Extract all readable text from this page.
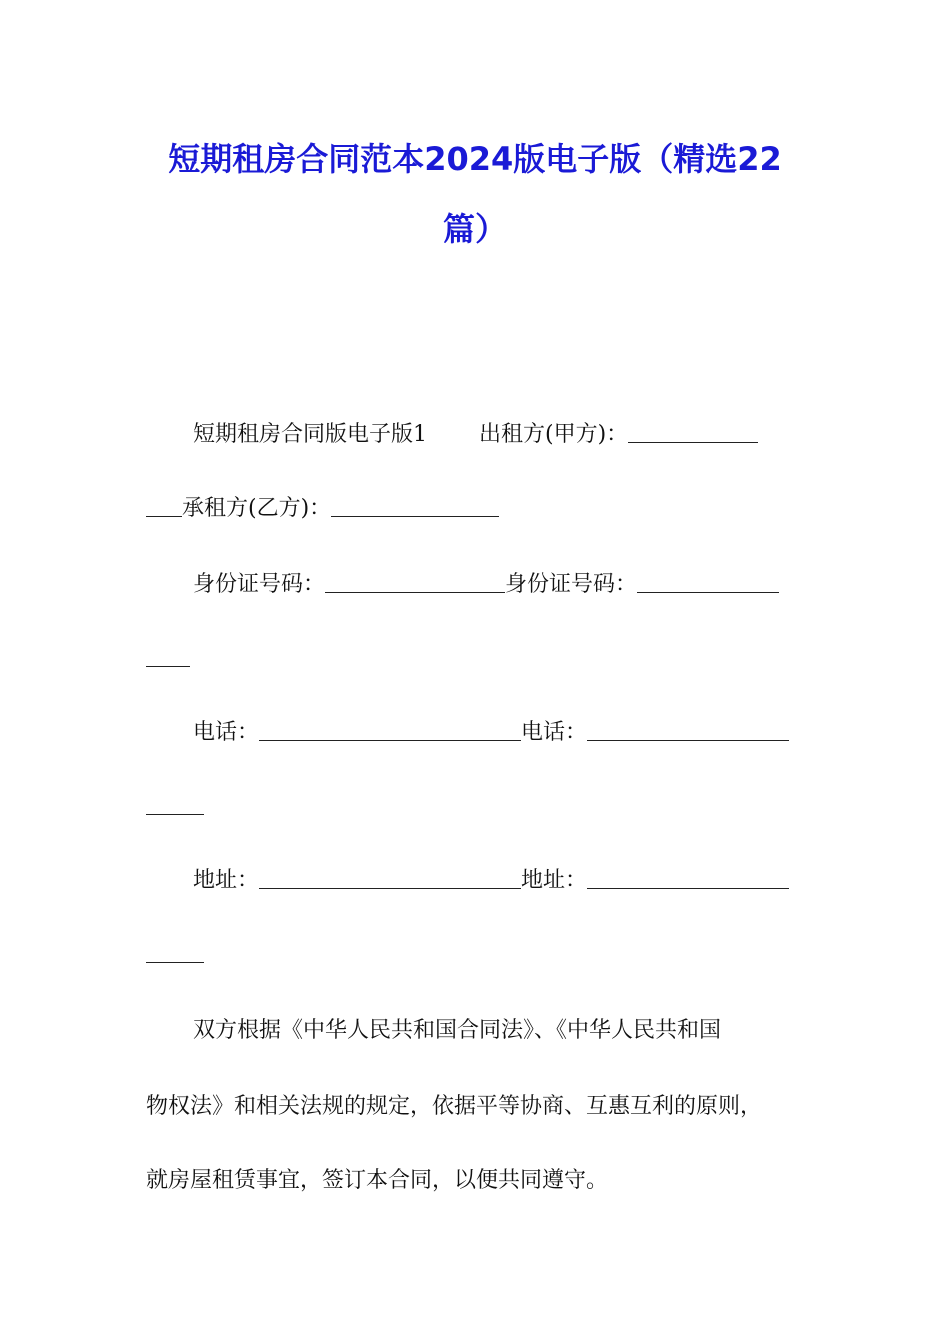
短期租房合同范本2024版电子版（精选22
篇）
短期租房合同版电子版1 出租方(甲方)：
承租方(乙方)：
身份证号码：	身份证号码：
电话：	电话：
地址：	地址：
双方根据《中华人民共和国合同法》、《中华人民共和国
物权法》和相关法规的规定，依据平等协商、互惠互利的原则，
就房屋租赁事宜，签订本合同，以便共同遵守。
